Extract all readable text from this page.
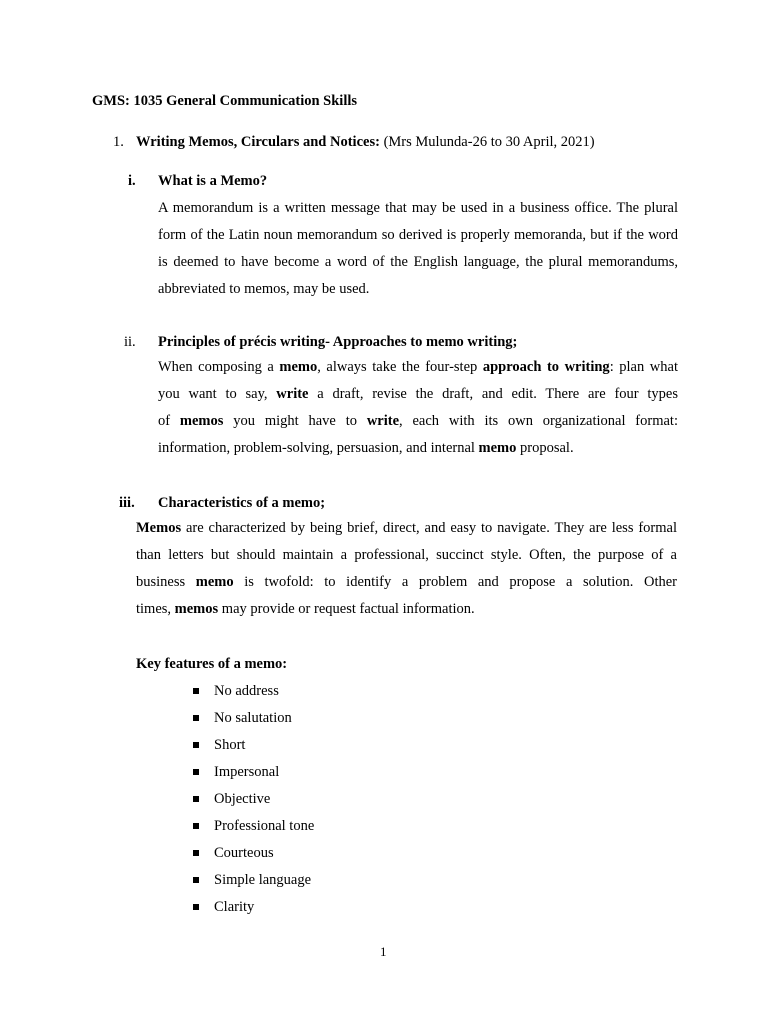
GMS: 1035 General Communication Skills
1. Writing Memos, Circulars and Notices: (Mrs Mulunda-26 to 30 April, 2021)
i. What is a Memo?
A memorandum is a written message that may be used in a business office. The plural
form of the Latin noun memorandum so derived is properly memoranda, but if the word
is deemed to have become a word of the English language, the plural memorandums,
abbreviated to memos, may be used.
ii. Principles of précis writing- Approaches to memo writing;
When composing a memo, always take the four-step approach to writing: plan what
you want to say, write a draft, revise the draft, and edit. There are four types
of memos you might have to write, each with its own organizational format:
information, problem-solving, persuasion, and internal memo proposal.
iii. Characteristics of a memo;
Memos are characterized by being brief, direct, and easy to navigate. They are less formal
than letters but should maintain a professional, succinct style. Often, the purpose of a
business memo is twofold: to identify a problem and propose a solution. Other
times, memos may provide or request factual information.
Key features of a memo:
No address
No salutation
Short
Impersonal
Objective
Professional tone
Courteous
Simple language
Clarity
1
